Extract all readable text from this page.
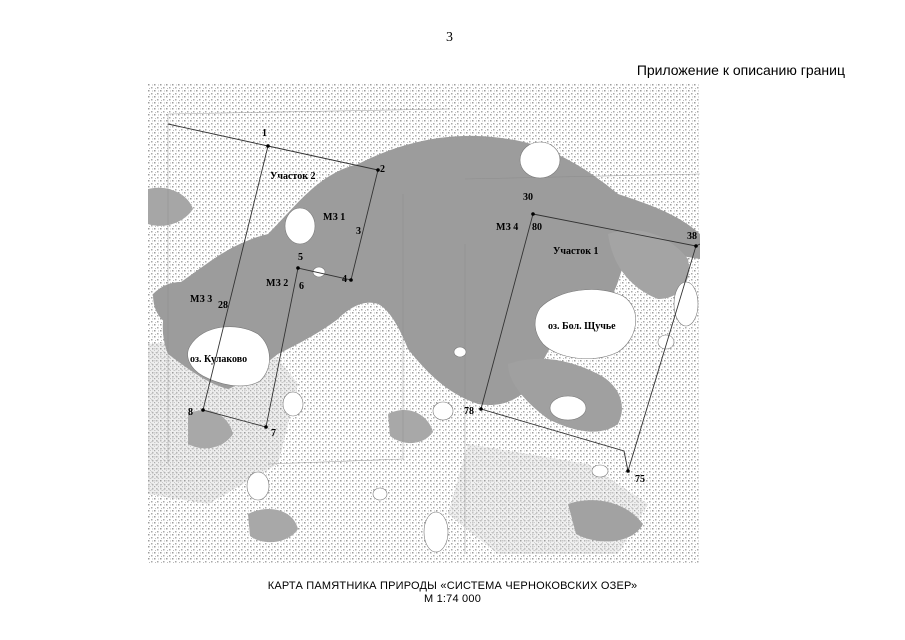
3
Приложение к описанию границ
Участок 2
Участок 1
оз. Кулаково
оз. Бол. Щучье
МЗ 1
МЗ 2
МЗ 3
МЗ 4
1
2
3
4
5
6
7
8
28
30
38
75
78
80
КАРТА ПАМЯТНИКА ПРИРОДЫ «СИСТЕМА ЧЕРНОКОВСКИХ ОЗЕР»
М 1:74 000
